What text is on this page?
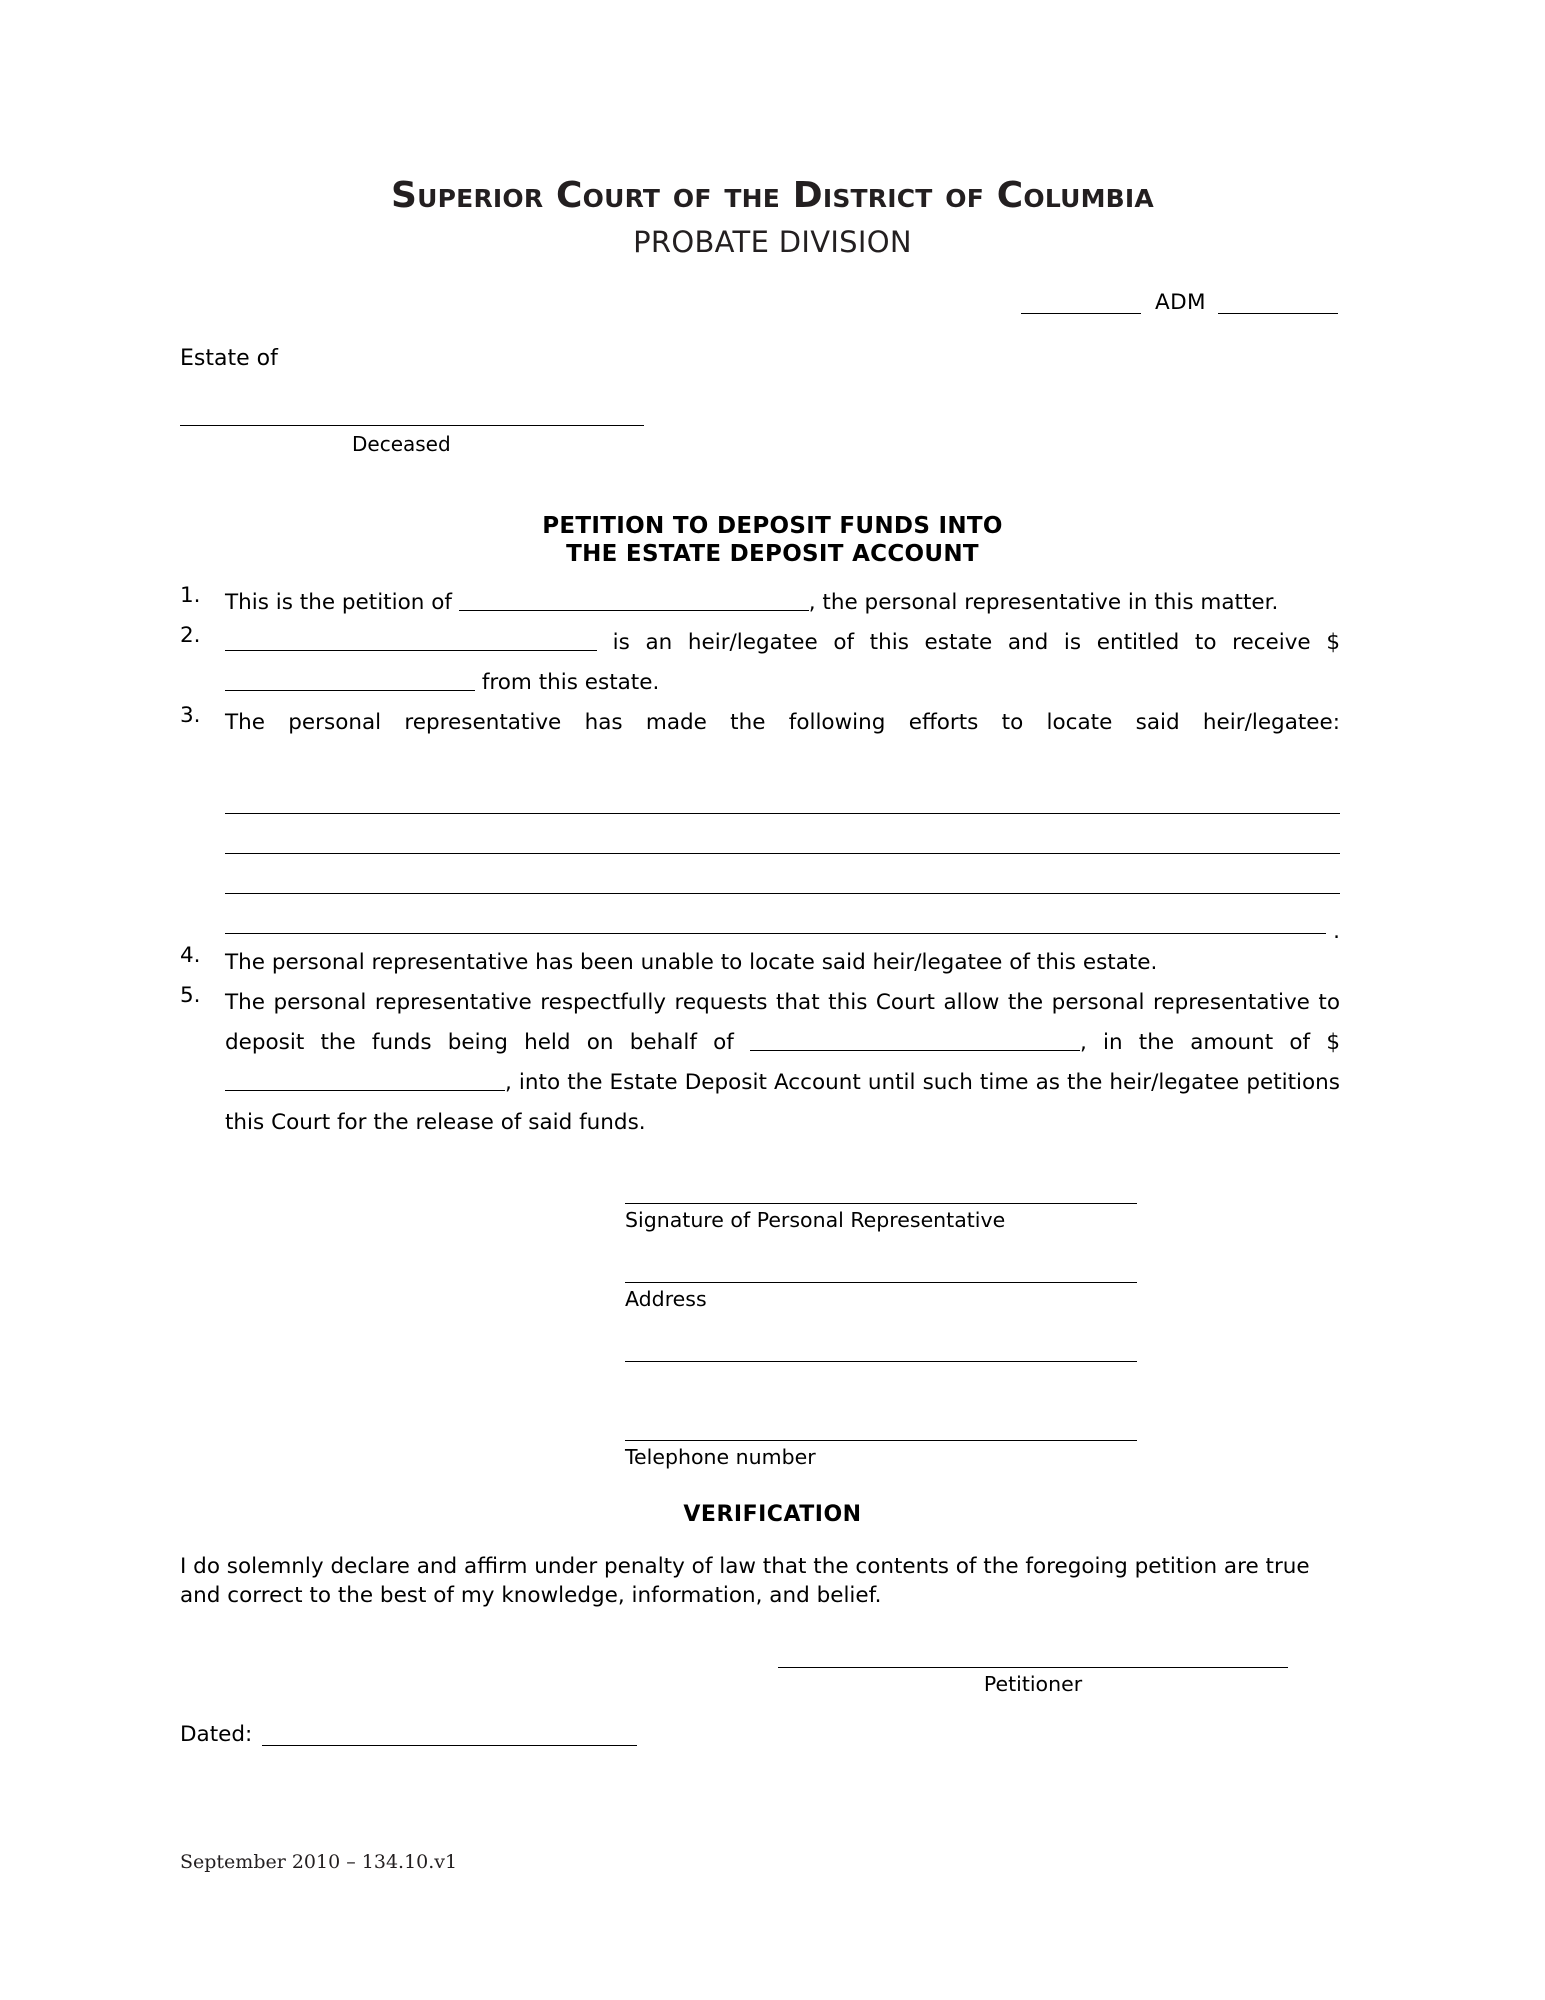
Superior Court of the District of Columbia
PROBATE DIVISION
ADM
Estate of
Deceased
PETITION TO DEPOSIT FUNDS INTO
THE ESTATE DEPOSIT ACCOUNT
1.	This is the petition of	, the personal representative in this matter.

2.	is an heir/legatee of this estate and is entitled to receive $ from this estate.

3.	The personal representative has made the following efforts to locate said heir/legatee:

.
4.	The personal representative has been unable to locate said heir/legatee of this estate.

5.	The personal representative respectfully requests that this Court allow the personal representative to deposit the funds being held on behalf of	, in the amount of $, into the Estate Deposit Account until such time as the heir/legatee petitions this Court for the release of said funds.

Signature of Personal Representative
Address
Telephone number
VERIFICATION
I do solemnly declare and affirm under penalty of law that the contents of the foregoing petition are true and correct to the best of my knowledge, information, and belief.
Petitioner
Dated:
September 2010 – 134.10.v1
